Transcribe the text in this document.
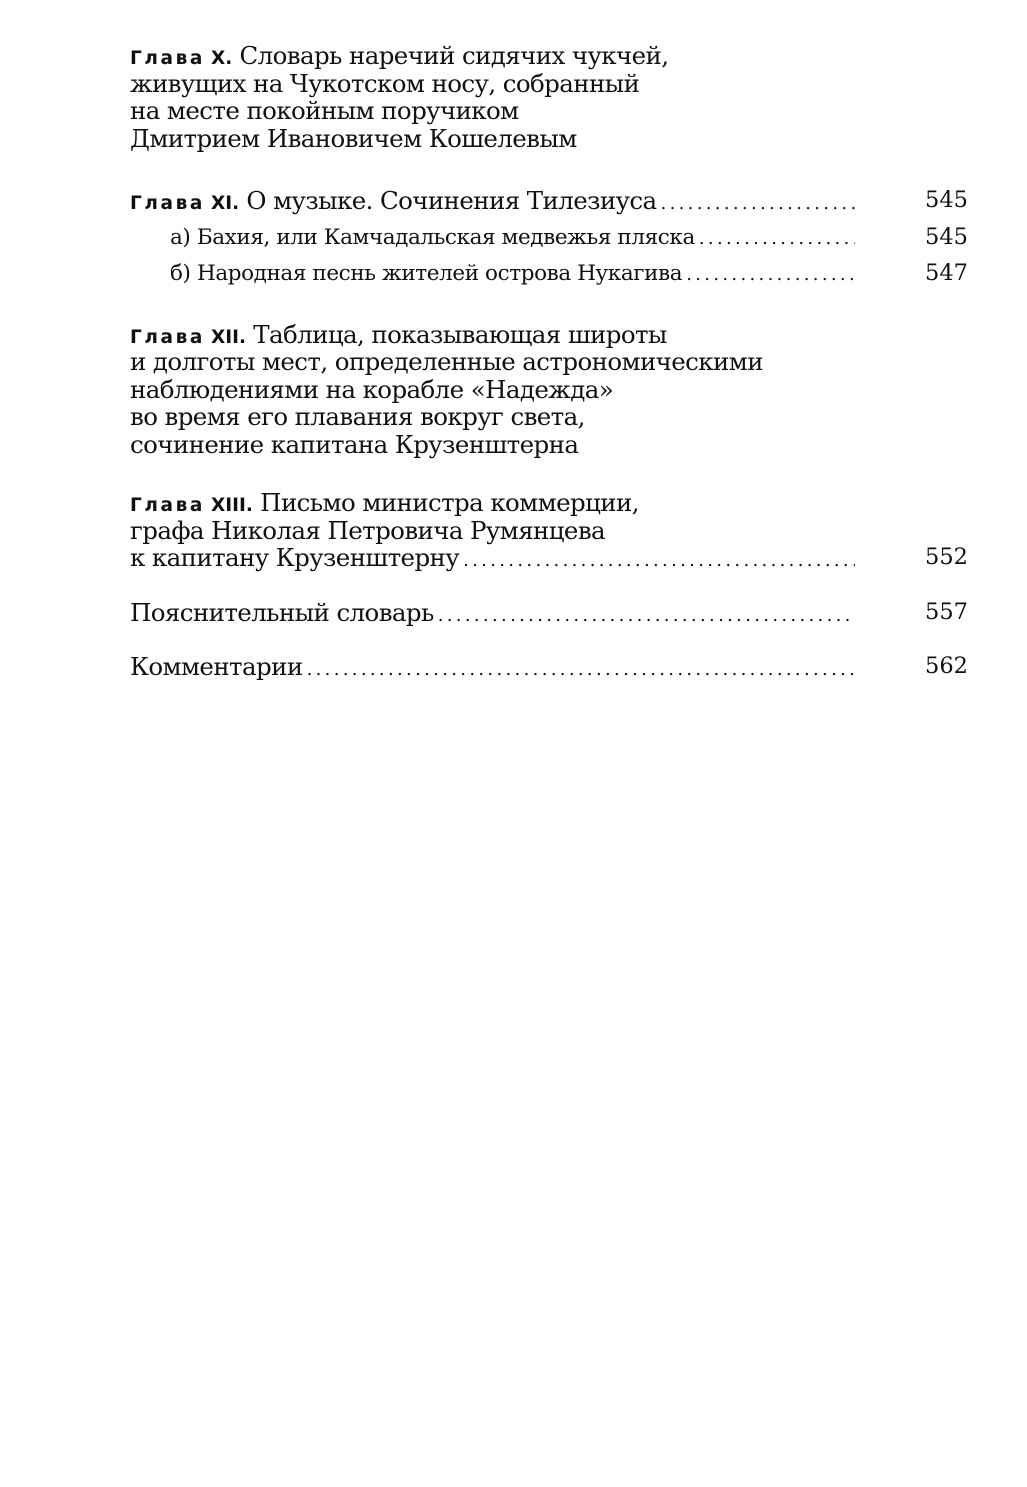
Глава X. Словарь наречий сидячих чукчей,
живущих на Чукотском носу, собранный
на месте покойным поручиком
Дмитрием Ивановичем Кошелевым
Глава XI. О музыке. Сочинения Тилезиуса . . .	545
а) Бахия, или Камчадальская медвежья пляска . . .	545
б) Народная песнь жителей острова Нукагива . . .	547
Глава XII. Таблица, показывающая широты
и долготы мест, определенные астрономическими
наблюдениями на корабле «Надежда»
во время его плавания вокруг света,
сочинение капитана Крузенштерна
Глава XIII. Письмо министра коммерции,
графа Николая Петровича Румянцева
к капитану Крузенштерну . . .	552
Пояснительный словарь . . .	557
Комментарии . . .	562
